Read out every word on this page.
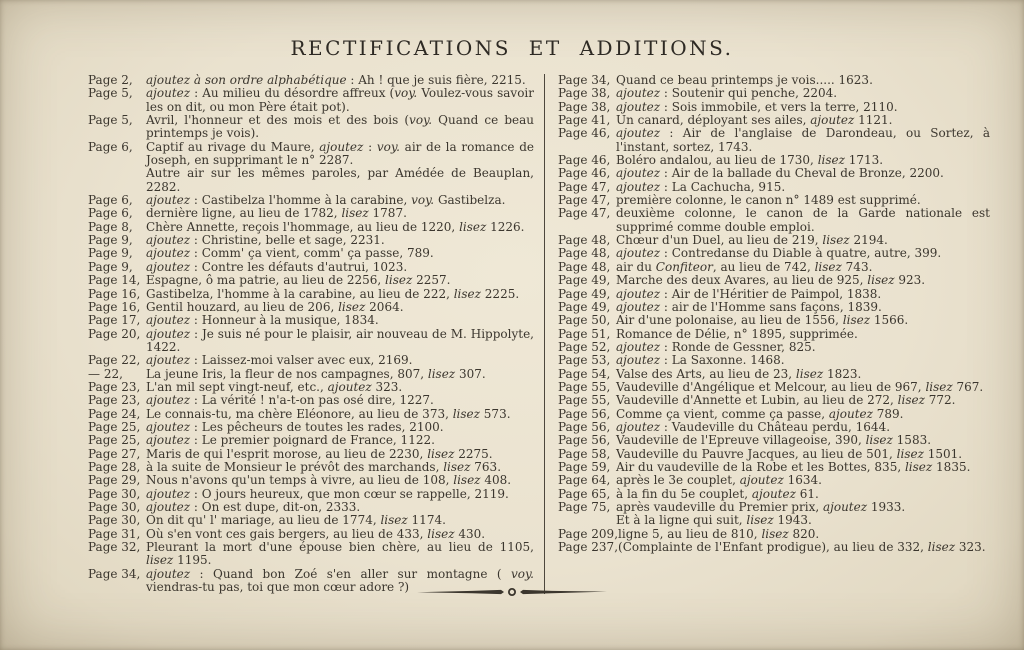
RECTIFICATIONS ET ADDITIONS.
Page 2, ajoutez à son ordre alphabétique : Ah ! que je suis fière, 2215.
Page 5, ajoutez : Au milieu du désordre affreux (voy. Voulez-vous savoir les on dit, ou mon Père était pot).
Page 5, Avril, l'honneur et des mois et des bois (voy. Quand ce beau printemps je vois).
Page 6, Captif au rivage du Maure, ajoutez : voy. air de la romance de Joseph, en supprimant le n° 2287.
Autre air sur les mêmes paroles, par Amédée de Beauplan, 2282.
Page 6, ajoutez : Castibelza l'homme à la carabine, voy. Gastibelza.
Page 6, dernière ligne, au lieu de 1782, lisez 1787.
Page 8, Chère Annette, reçois l'hommage, au lieu de 1220, lisez 1226.
Page 9, ajoutez : Christine, belle et sage, 2231.
Page 9, ajoutez : Comm' ça vient, comm' ça passe, 789.
Page 9, ajoutez : Contre les défauts d'autrui, 1023.
Page 14, Espagne, ô ma patrie, au lieu de 2256, lisez 2257.
Page 16, Gastibelza, l'homme à la carabine, au lieu de 222, lisez 2225.
Page 16, Gentil houzard, au lieu de 206, lisez 2064.
Page 17, ajoutez : Honneur à la musique, 1834.
Page 20, ajoutez : Je suis né pour le plaisir, air nouveau de M. Hippolyte, 1422.
Page 22, ajoutez : Laissez-moi valser avec eux, 2169.
— 22, La jeune Iris, la fleur de nos campagnes, 807, lisez 307.
Page 23, L'an mil sept vingt-neuf, etc., ajoutez 323.
Page 23, ajoutez : La vérité ! n'a-t-on pas osé dire, 1227.
Page 24, Le connais-tu, ma chère Eléonore, au lieu de 373, lisez 573.
Page 25, ajoutez : Les pêcheurs de toutes les rades, 2100.
Page 25, ajoutez : Le premier poignard de France, 1122.
Page 27, Maris de qui l'esprit morose, au lieu de 2230, lisez 2275.
Page 28, à la suite de Monsieur le prévôt des marchands, lisez 763.
Page 29, Nous n'avons qu'un temps à vivre, au lieu de 108, lisez 408.
Page 30, ajoutez : O jours heureux, que mon cœur se rappelle, 2119.
Page 30, ajoutez : On est dupe, dit-on, 2333.
Page 30, On dit qu' l' mariage, au lieu de 1774, lisez 1174.
Page 31, Où s'en vont ces gais bergers, au lieu de 433, lisez 430.
Page 32, Pleurant la mort d'une épouse bien chère, au lieu de 1105, lisez 1195.
Page 34, ajoutez : Quand bon Zoé s'en aller sur montagne ( voy. viendras-tu pas, toi que mon cœur adore ?)
Page 34, Quand ce beau printemps je vois..... 1623.
Page 38, ajoutez : Soutenir qui penche, 2204.
Page 38, ajoutez : Sois immobile, et vers la terre, 2110.
Page 41, Un canard, déployant ses ailes, ajoutez 1121.
Page 46, ajoutez : Air de l'anglaise de Darondeau, ou Sortez, à l'instant, sortez, 1743.
Page 46, Boléro andalou, au lieu de 1730, lisez 1713.
Page 46, ajoutez : Air de la ballade du Cheval de Bronze, 2200.
Page 47, ajoutez : La Cachucha, 915.
Page 47, première colonne, le canon n° 1489 est supprimé.
Page 47, deuxième colonne, le canon de la Garde nationale est supprimé comme double emploi.
Page 48, Chœur d'un Duel, au lieu de 219, lisez 2194.
Page 48, ajoutez : Contredanse du Diable à quatre, autre, 399.
Page 48, air du Confiteor, au lieu de 742, lisez 743.
Page 49, Marche des deux Avares, au lieu de 925, lisez 923.
Page 49, ajoutez : Air de l'Héritier de Paimpol, 1838.
Page 49, ajoutez : air de l'Homme sans façons, 1839.
Page 50, Air d'une polonaise, au lieu de 1556, lisez 1566.
Page 51, Romance de Délie, n° 1895, supprimée.
Page 52, ajoutez : Ronde de Gessner, 825.
Page 53, ajoutez : La Saxonne. 1468.
Page 54, Valse des Arts, au lieu de 23, lisez 1823.
Page 55, Vaudeville d'Angélique et Melcour, au lieu de 967, lisez 767.
Page 55, Vaudeville d'Annette et Lubin, au lieu de 272, lisez 772.
Page 56, Comme ça vient, comme ça passe, ajoutez 789.
Page 56, ajoutez : Vaudeville du Château perdu, 1644.
Page 56, Vaudeville de l'Epreuve villageoise, 390, lisez 1583.
Page 58, Vaudeville du Pauvre Jacques, au lieu de 501, lisez 1501.
Page 59, Air du vaudeville de la Robe et les Bottes, 835, lisez 1835.
Page 64, après le 3e couplet, ajoutez 1634.
Page 65, à la fin du 5e couplet, ajoutez 61.
Page 75, après vaudeville du Premier prix, ajoutez 1933.
Et à la ligne qui suit, lisez 1943.
Page 209,ligne 5, au lieu de 810, lisez 820.
Page 237,(Complainte de l'Enfant prodigue), au lieu de 332, lisez 323.
